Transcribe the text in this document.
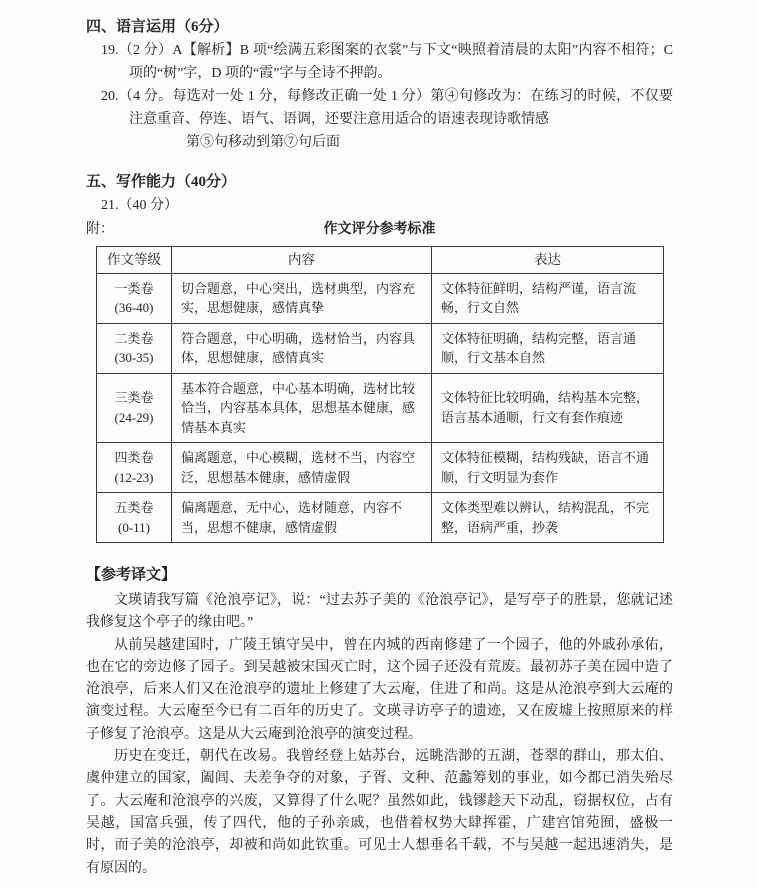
四、语言运用（6分）

19.（2 分）A【解析】B 项“绘满五彩图案的衣裳”与下文“映照着清晨的太阳”内容不相符；C 项的“树”字，D 项的“霞”字与全诗不押韵。

20.（4 分。每选对一处 1 分，每修改正确一处 1 分）第④句修改为：在练习的时候，不仅要注意重音、停连、语气、语调，还要注意用适合的语速表现诗歌情感

第⑤句移动到第⑦句后面

五、写作能力（40分）

21.（40 分）

附：	作文评分参考标准
作文等级	内容	表达

一类卷
(36-40)	切合题意，中心突出，选材典型，内容充实，思想健康，感情真挚	文体特征鲜明，结构严谨，语言流畅，行文自然

二类卷
(30-35)	符合题意，中心明确，选材恰当，内容具体，思想健康，感情真实	文体特征明确，结构完整，语言通顺，行文基本自然

三类卷
(24-29)	基本符合题意，中心基本明确，选材比较恰当，内容基本具体，思想基本健康，感情基本真实	文体特征比较明确，结构基本完整，语言基本通顺，行文有套作痕迹

四类卷
(12-23)	偏离题意，中心模糊，选材不当，内容空泛，思想基本健康，感情虚假	文体特征模糊，结构残缺，语言不通顺，行文明显为套作

五类卷
(0-11)	偏离题意，无中心，选材随意，内容不当，思想不健康，感情虚假	文体类型难以辨认，结构混乱，不完整，语病严重，抄袭
【参考译文】

文瑛请我写篇《沧浪亭记》，说：“过去苏子美的《沧浪亭记》，是写亭子的胜景，您就记述我修复这个亭子的缘由吧。”

从前吴越建国时，广陵王镇守吴中，曾在内城的西南修建了一个园子，他的外戚孙承佑，也在它的旁边修了园子。到吴越被宋国灭亡时，这个园子还没有荒废。最初苏子美在园中造了沧浪亭，后来人们又在沧浪亭的遗址上修建了大云庵，住进了和尚。这是从沧浪亭到大云庵的演变过程。大云庵至今已有二百年的历史了。文瑛寻访亭子的遗迹，又在废墟上按照原来的样子修复了沧浪亭。这是从大云庵到沧浪亭的演变过程。

历史在变迁，朝代在改易。我曾经登上姑苏台，远眺浩渺的五湖，苍翠的群山，那太伯、虞仲建立的国家，阖闾、夫差争夺的对象，子胥、文种、范蠡筹划的事业，如今都已消失殆尽了。大云庵和沧浪亭的兴废，又算得了什么呢？虽然如此，钱镠趁天下动乱，窃据权位，占有吴越，国富兵强，传了四代，他的子孙亲戚，也借着权势大肆挥霍，广建宫馆苑囿，盛极一时，而子美的沧浪亭，却被和尚如此钦重。可见士人想垂名千载，不与吴越一起迅速消失，是有原因的。
